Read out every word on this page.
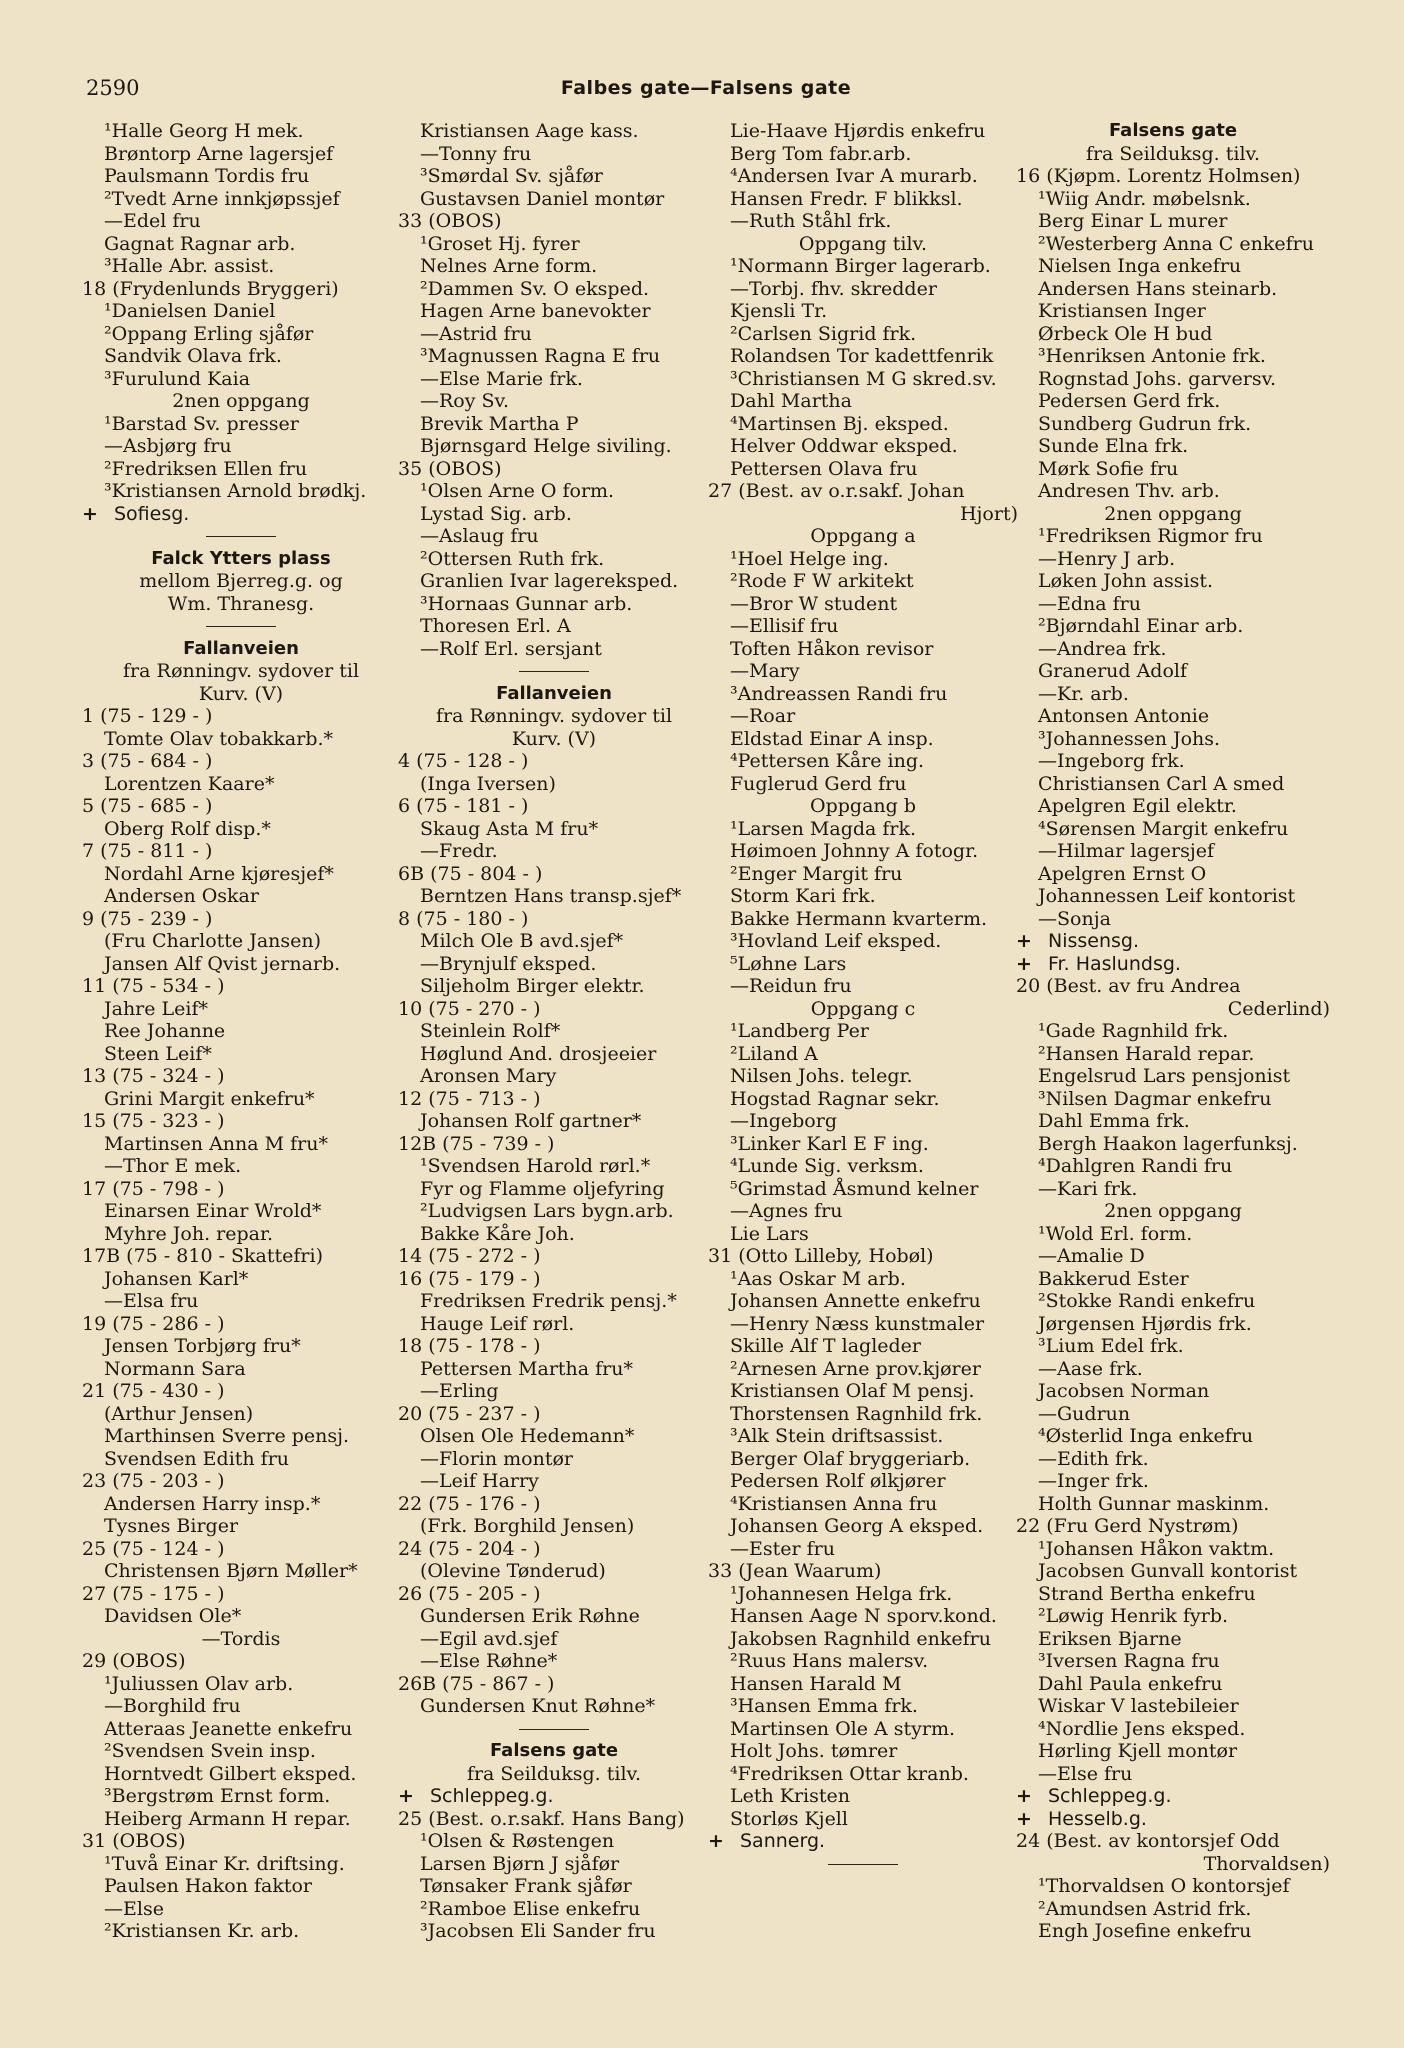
2590	Falbes gate—Falsens gate
¹Halle Georg H mek.
Brøntorp Arne lagersjef
Paulsmann Tordis fru
²Tvedt Arne innkjøpssjef
—Edel fru
Gagnat Ragnar arb.
³Halle Abr. assist.
18 (Frydenlunds Bryggeri)
¹Danielsen Daniel
²Oppang Erling sjåfør
Sandvik Olava frk.
³Furulund Kaia
2nen oppgang
¹Barstad Sv. presser
—Asbjørg fru
²Fredriksen Ellen fru
³Kristiansen Arnold brødkj.
+ Sofiesg.
Falck Ytters plass
mellom Bjerreg.g. og
Wm. Thranesg.
Fallanveien
fra Rønningv. sydover til
Kurv. (V)
1 (75 - 129 - )
Tomte Olav tobakkarb.*
3 (75 - 684 - )
Lorentzen Kaare*
5 (75 - 685 - )
Oberg Rolf disp.*
7 (75 - 811 - )
Nordahl Arne kjøresjef*
Andersen Oskar
9 (75 - 239 - )
(Fru Charlotte Jansen)
Jansen Alf Qvist jernarb.
11 (75 - 534 - )
Jahre Leif*
Ree Johanne
Steen Leif*
13 (75 - 324 - )
Grini Margit enkefru*
15 (75 - 323 - )
Martinsen Anna M fru*
—Thor E mek.
17 (75 - 798 - )
Einarsen Einar Wrold*
Myhre Joh. repar.
17B (75 - 810 - Skattefri)
Johansen Karl*
—Elsa fru
19 (75 - 286 - )
Jensen Torbjørg fru*
Normann Sara
21 (75 - 430 - )
(Arthur Jensen)
Marthinsen Sverre pensj.
Svendsen Edith fru
23 (75 - 203 - )
Andersen Harry insp.*
Tysnes Birger
25 (75 - 124 - )
Christensen Bjørn Møller*
27 (75 - 175 - )
Davidsen Ole*
—Tordis
29 (OBOS)
¹Juliussen Olav arb.
—Borghild fru
Atteraas Jeanette enkefru
²Svendsen Svein insp.
Horntvedt Gilbert eksped.
³Bergstrøm Ernst form.
Heiberg Armann H repar.
31 (OBOS)
¹Tuvå Einar Kr. driftsing.
Paulsen Hakon faktor
—Else
²Kristiansen Kr. arb.
Kristiansen Aage kass.
—Tonny fru
³Smørdal Sv. sjåfør
Gustavsen Daniel montør
33 (OBOS)
¹Groset Hj. fyrer
Nelnes Arne form.
²Dammen Sv. O eksped.
Hagen Arne banevokter
—Astrid fru
³Magnussen Ragna E fru
—Else Marie frk.
—Roy Sv.
Brevik Martha P
Bjørnsgard Helge siviling.
35 (OBOS)
¹Olsen Arne O form.
Lystad Sig. arb.
—Aslaug fru
²Ottersen Ruth frk.
Granlien Ivar lagereksped.
³Hornaas Gunnar arb.
Thoresen Erl. A
—Rolf Erl. sersjant
Fallanveien
fra Rønningv. sydover til
Kurv. (V)
4 (75 - 128 - )
(Inga Iversen)
6 (75 - 181 - )
Skaug Asta M fru*
—Fredr.
6B (75 - 804 - )
Berntzen Hans transp.sjef*
8 (75 - 180 - )
Milch Ole B avd.sjef*
—Brynjulf eksped.
Siljeholm Birger elektr.
10 (75 - 270 - )
Steinlein Rolf*
Høglund And. drosjeeier
Aronsen Mary
12 (75 - 713 - )
Johansen Rolf gartner*
12B (75 - 739 - )
¹Svendsen Harold rørl.*
Fyr og Flamme oljefyring
²Ludvigsen Lars bygn.arb.
Bakke Kåre Joh.
14 (75 - 272 - )
16 (75 - 179 - )
Fredriksen Fredrik pensj.*
Hauge Leif rørl.
18 (75 - 178 - )
Pettersen Martha fru*
—Erling
20 (75 - 237 - )
Olsen Ole Hedemann*
—Florin montør
—Leif Harry
22 (75 - 176 - )
(Frk. Borghild Jensen)
24 (75 - 204 - )
(Olevine Tønderud)
26 (75 - 205 - )
Gundersen Erik Røhne
—Egil avd.sjef
—Else Røhne*
26B (75 - 867 - )
Gundersen Knut Røhne*
Falsens gate
fra Seilduksg. tilv.
+ Schleppeg.g.
25 (Best. o.r.sakf. Hans Bang)
¹Olsen & Røstengen
Larsen Bjørn J sjåfør
Tønsaker Frank sjåfør
²Ramboe Elise enkefru
³Jacobsen Eli Sander fru
Lie-Haave Hjørdis enkefru
Berg Tom fabr.arb.
⁴Andersen Ivar A murarb.
Hansen Fredr. F blikksl.
—Ruth Ståhl frk.
Oppgang tilv.
¹Normann Birger lagerarb.
—Torbj. fhv. skredder
Kjensli Tr.
²Carlsen Sigrid frk.
Rolandsen Tor kadettfenrik
³Christiansen M G skred.sv.
Dahl Martha
⁴Martinsen Bj. eksped.
Helver Oddwar eksped.
Pettersen Olava fru
27 (Best. av o.r.sakf. Johan
Hjort)
Oppgang a
¹Hoel Helge ing.
²Rode F W arkitekt
—Bror W student
—Ellisif fru
Toften Håkon revisor
—Mary
³Andreassen Randi fru
—Roar
Eldstad Einar A insp.
⁴Pettersen Kåre ing.
Fuglerud Gerd fru
Oppgang b
¹Larsen Magda frk.
Høimoen Johnny A fotogr.
²Enger Margit fru
Storm Kari frk.
Bakke Hermann kvarterm.
³Hovland Leif eksped.
⁵Løhne Lars
—Reidun fru
Oppgang c
¹Landberg Per
²Liland A
Nilsen Johs. telegr.
Hogstad Ragnar sekr.
—Ingeborg
³Linker Karl E F ing.
⁴Lunde Sig. verksm.
⁵Grimstad Åsmund kelner
—Agnes fru
Lie Lars
31 (Otto Lilleby, Hobøl)
¹Aas Oskar M arb.
Johansen Annette enkefru
—Henry Næss kunstmaler
Skille Alf T lagleder
²Arnesen Arne prov.kjører
Kristiansen Olaf M pensj.
Thorstensen Ragnhild frk.
³Alk Stein driftsassist.
Berger Olaf bryggeriarb.
Pedersen Rolf ølkjører
⁴Kristiansen Anna fru
Johansen Georg A eksped.
—Ester fru
33 (Jean Waarum)
¹Johannesen Helga frk.
Hansen Aage N sporv.kond.
Jakobsen Ragnhild enkefru
²Ruus Hans malersv.
Hansen Harald M
³Hansen Emma frk.
Martinsen Ole A styrm.
Holt Johs. tømrer
⁴Fredriksen Ottar kranb.
Leth Kristen
Storløs Kjell
+ Sannerg.
Falsens gate
fra Seilduksg. tilv.
16 (Kjøpm. Lorentz Holmsen)
¹Wiig Andr. møbelsnk.
Berg Einar L murer
²Westerberg Anna C enkefru
Nielsen Inga enkefru
Andersen Hans steinarb.
Kristiansen Inger
Ørbeck Ole H bud
³Henriksen Antonie frk.
Rognstad Johs. garversv.
Pedersen Gerd frk.
Sundberg Gudrun frk.
Sunde Elna frk.
Mørk Sofie fru
Andresen Thv. arb.
2nen oppgang
¹Fredriksen Rigmor fru
—Henry J arb.
Løken John assist.
—Edna fru
²Bjørndahl Einar arb.
—Andrea frk.
Granerud Adolf
—Kr. arb.
Antonsen Antonie
³Johannessen Johs.
—Ingeborg frk.
Christiansen Carl A smed
Apelgren Egil elektr.
⁴Sørensen Margit enkefru
—Hilmar lagersjef
Apelgren Ernst O
Johannessen Leif kontorist
—Sonja
+ Nissensg.
+ Fr. Haslundsg.
20 (Best. av fru Andrea
Cederlind)
¹Gade Ragnhild frk.
²Hansen Harald repar.
Engelsrud Lars pensjonist
³Nilsen Dagmar enkefru
Dahl Emma frk.
Bergh Haakon lagerfunksj.
⁴Dahlgren Randi fru
—Kari frk.
2nen oppgang
¹Wold Erl. form.
—Amalie D
Bakkerud Ester
²Stokke Randi enkefru
Jørgensen Hjørdis frk.
³Lium Edel frk.
—Aase frk.
Jacobsen Norman
—Gudrun
⁴Østerlid Inga enkefru
—Edith frk.
—Inger frk.
Holth Gunnar maskinm.
22 (Fru Gerd Nystrøm)
¹Johansen Håkon vaktm.
Jacobsen Gunvall kontorist
Strand Bertha enkefru
²Løwig Henrik fyrb.
Eriksen Bjarne
³Iversen Ragna fru
Dahl Paula enkefru
Wiskar V lastebileier
⁴Nordlie Jens eksped.
Hørling Kjell montør
—Else fru
+ Schleppeg.g.
+ Hesselb.g.
24 (Best. av kontorsjef Odd
Thorvaldsen)
¹Thorvaldsen O kontorsjef
²Amundsen Astrid frk.
Engh Josefine enkefru
